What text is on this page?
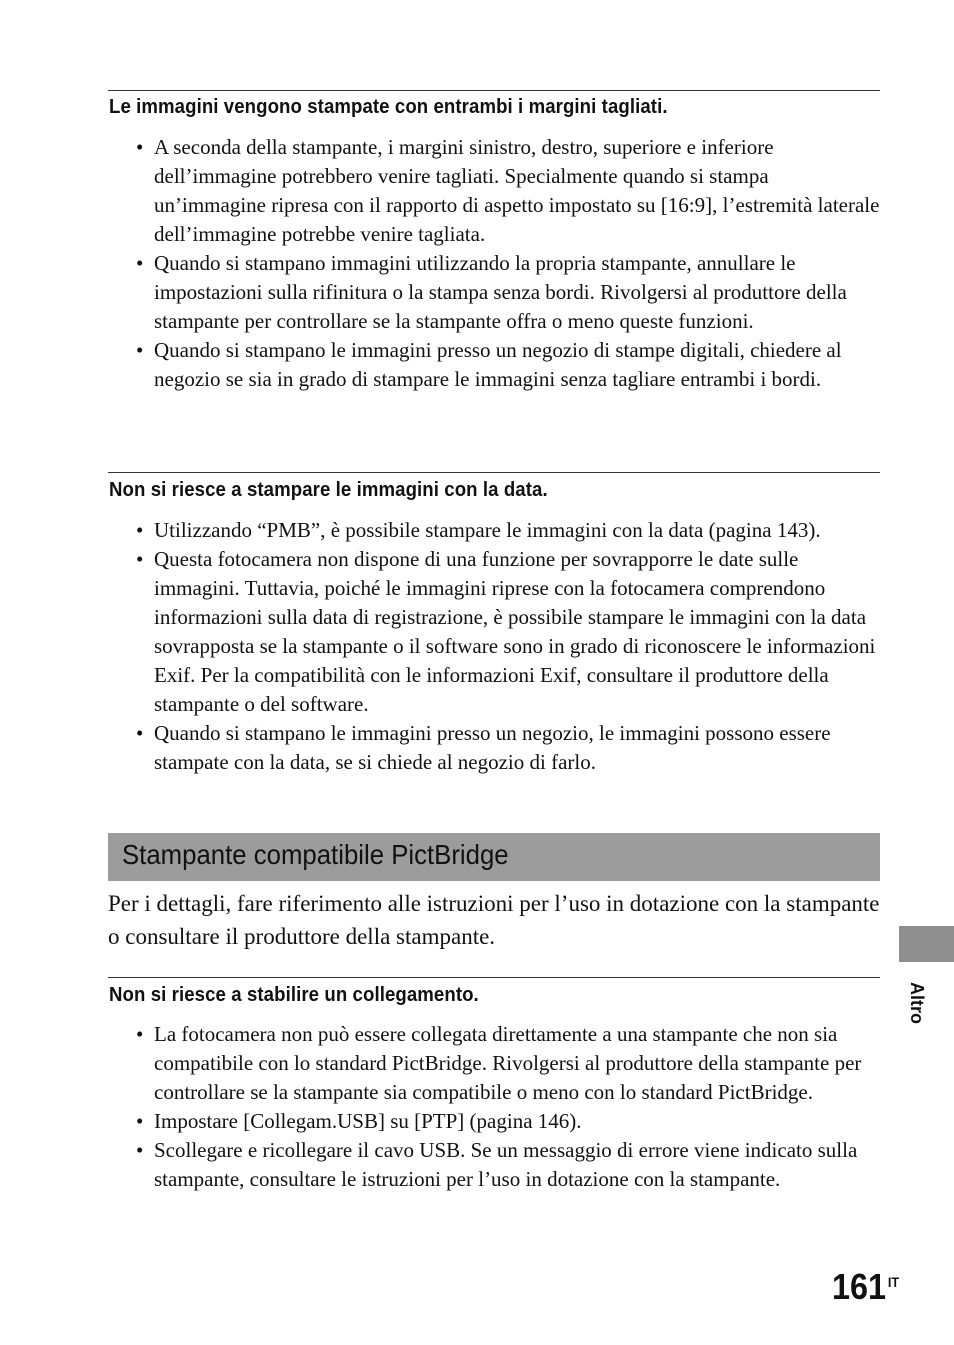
Le immagini vengono stampate con entrambi i margini tagliati.
• A seconda della stampante, i margini sinistro, destro, superiore e inferiore dell’immagine potrebbero venire tagliati. Specialmente quando si stampa un’immagine ripresa con il rapporto di aspetto impostato su [16:9], l’estremità laterale dell’immagine potrebbe venire tagliata.
• Quando si stampano immagini utilizzando la propria stampante, annullare le impostazioni sulla rifinitura o la stampa senza bordi. Rivolgersi al produttore della stampante per controllare se la stampante offra o meno queste funzioni.
• Quando si stampano le immagini presso un negozio di stampe digitali, chiedere al negozio se sia in grado di stampare le immagini senza tagliare entrambi i bordi.
Non si riesce a stampare le immagini con la data.
• Utilizzando “PMB”, è possibile stampare le immagini con la data (pagina 143).
• Questa fotocamera non dispone di una funzione per sovrapporre le date sulle immagini. Tuttavia, poiché le immagini riprese con la fotocamera comprendono informazioni sulla data di registrazione, è possibile stampare le immagini con la data sovrapposta se la stampante o il software sono in grado di riconoscere le informazioni Exif. Per la compatibilità con le informazioni Exif, consultare il produttore della stampante o del software.
• Quando si stampano le immagini presso un negozio, le immagini possono essere stampate con la data, se si chiede al negozio di farlo.
Stampante compatibile PictBridge

Per i dettagli, fare riferimento alle istruzioni per l’uso in dotazione con la stampante o consultare il produttore della stampante.

Non si riesce a stabilire un collegamento.
• La fotocamera non può essere collegata direttamente a una stampante che non sia compatibile con lo standard PictBridge. Rivolgersi al produttore della stampante per controllare se la stampante sia compatibile o meno con lo standard PictBridge.
• Impostare [Collegam.USB] su [PTP] (pagina 146).
• Scollegare e ricollegare il cavo USB. Se un messaggio di errore viene indicato sulla stampante, consultare le istruzioni per l’uso in dotazione con la stampante.

Altro

161 $^{IT}$
